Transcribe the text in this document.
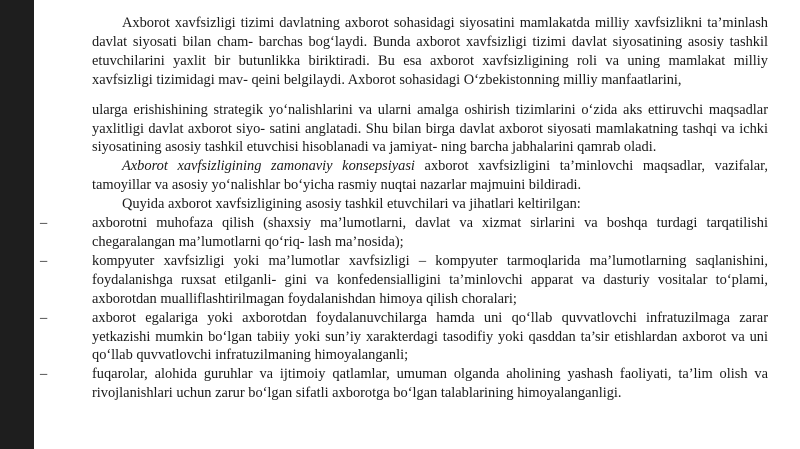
Axborot xavfsizligi tizimi davlatning axborot sohasidagi siyosatini mamlakatda milliy xavfsizlikni ta’minlash davlat siyosati bilan cham- barchas bog‘laydi. Bunda axborot xavfsizligi tizimi davlat siyosatining asosiy tashkil etuvchilarini yaxlit bir butunlikka biriktiradi. Bu esa axborot xavfsizligining roli va uning mamlakat milliy xavfsizligi tizimidagi mav- qeini belgilaydi. Axborot sohasidagi O‘zbekistonning milliy manfaatlarini,

ularga erishishining strategik yo‘nalishlarini va ularni amalga oshirish tizimlarini o‘zida aks ettiruvchi maqsadlar yaxlitligi davlat axborot siyo- satini anglatadi. Shu bilan birga davlat axborot siyosati mamlakatning tashqi va ichki siyosatining asosiy tashkil etuvchisi hisoblanadi va jamiyat- ning barcha jabhalarini qamrab oladi.

Axborot xavfsizligining zamonaviy konsepsiyasi axborot xavfsizligini ta’minlovchi maqsadlar, vazifalar, tamoyillar va asosiy yo‘nalishlar bo‘yicha rasmiy nuqtai nazarlar majmuini bildiradi.

Quyida axborot xavfsizligining asosiy tashkil etuvchilari va jihatlari keltirilgan:

–	axborotni muhofaza qilish (shaxsiy ma’lumotlarni, davlat va xizmat sirlarini va boshqa turdagi tarqatilishi chegaralangan ma’lumotlarni qo‘riq- lash ma’nosida);
–	kompyuter xavfsizligi yoki ma’lumotlar xavfsizligi – kompyuter tarmoqlarida ma’lumotlarning saqlanishini, foydalanishga ruxsat etilganli- gini va konfedensialligini ta’minlovchi apparat va dasturiy vositalar to‘plami, axborotdan mualliflashtirilmagan foydalanishdan himoya qilish choralari;
–	axborot egalariga yoki axborotdan foydalanuvchilarga hamda uni qo‘llab quvvatlovchi infratuzilmaga zarar yetkazishi mumkin bo‘lgan tabiiy yoki sun’iy xarakterdagi tasodifiy yoki qasddan ta’sir etishlardan axborot va uni qo‘llab quvvatlovchi infratuzilmaning himoyalanganli;
–	fuqarolar, alohida guruhlar va ijtimoiy qatlamlar, umuman olganda aholining yashash faoliyati, ta’lim olish va rivojlanishlari uchun zarur bo‘lgan sifatli axborotga bo‘lgan talablarining himoyalanganligi.
